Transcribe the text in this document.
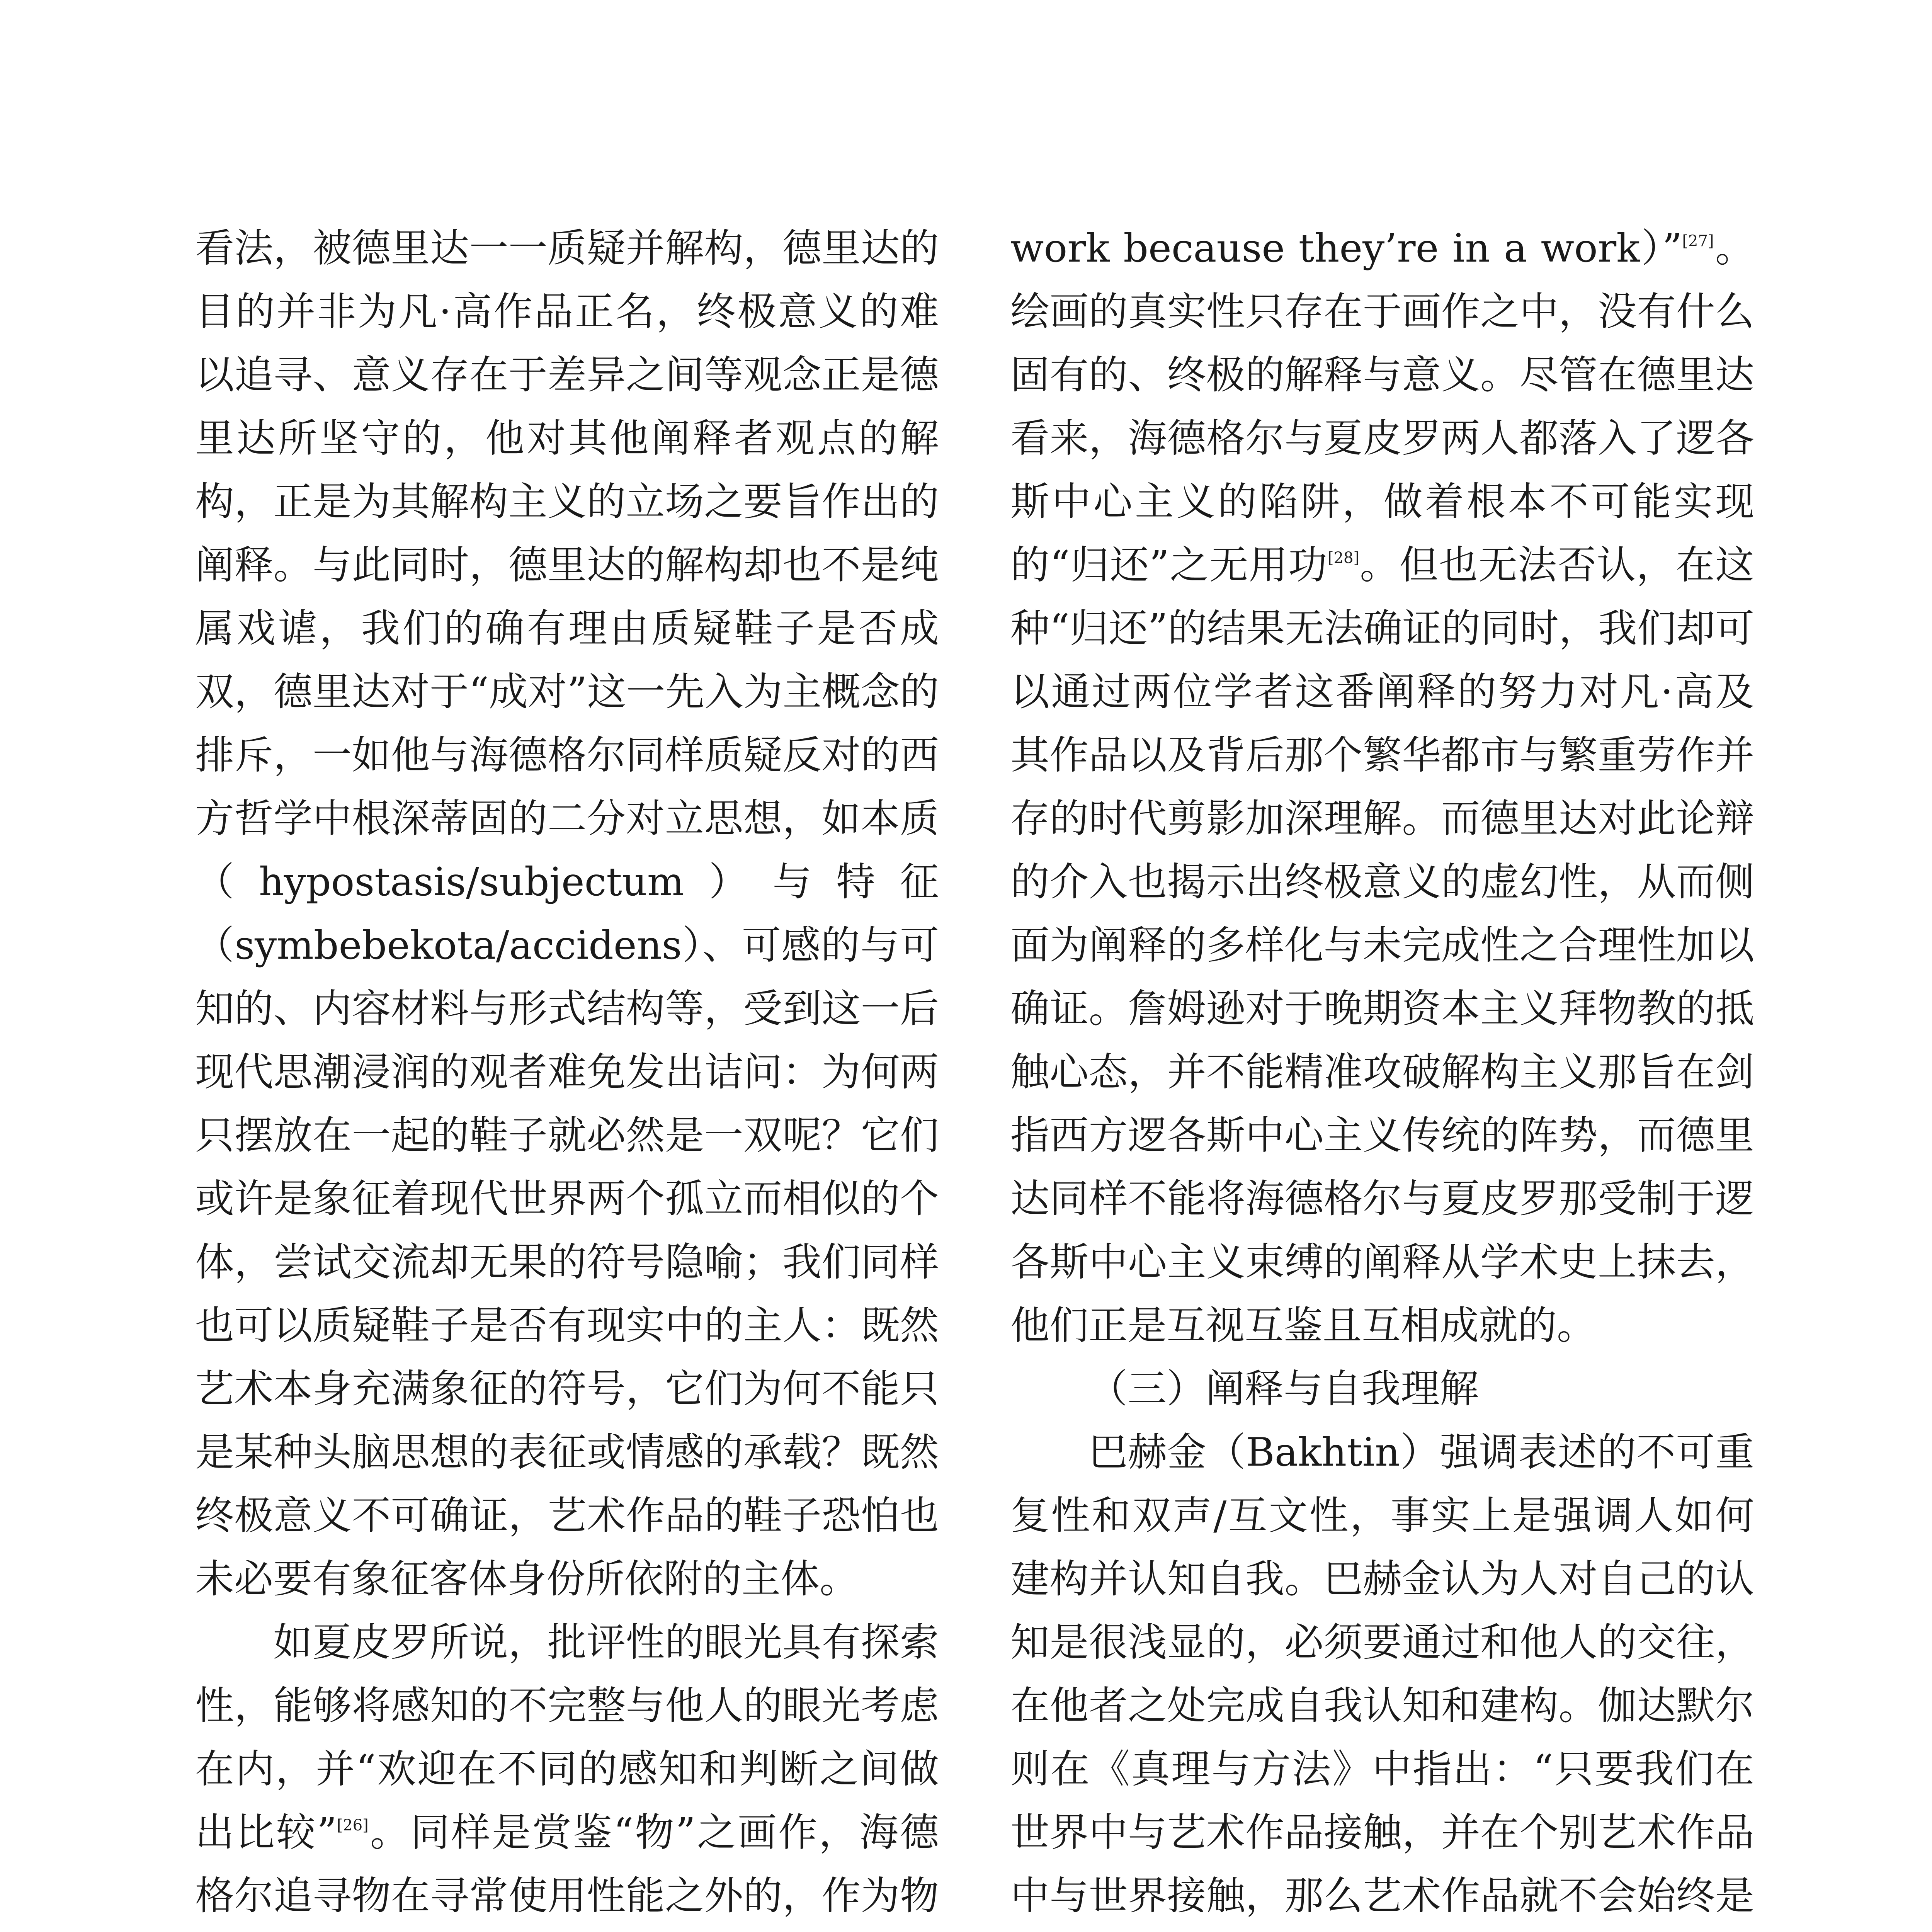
看法，被德里达一一质疑并解构，德里达的目的并非为凡·高作品正名，终极意义的难以追寻、意义存在于差异之间等观念正是德里达所坚守的，他对其他阐释者观点的解构，正是为其解构主义的立场之要旨作出的阐释。与此同时，德里达的解构却也不是纯属戏谑，我们的确有理由质疑鞋子是否成双，德里达对于“成对”这一先入为主概念的排斥，一如他与海德格尔同样质疑反对的西方哲学中根深蒂固的二分对立思想，如本质（hypostasis/subjectum）与特征（symbebekota/accidens）、可感的与可知的、内容材料与形式结构等，受到这一后现代思潮浸润的观者难免发出诘问：为何两只摆放在一起的鞋子就必然是一双呢？它们或许是象征着现代世界两个孤立而相似的个体，尝试交流却无果的符号隐喻；我们同样也可以质疑鞋子是否有现实中的主人：既然艺术本身充满象征的符号，它们为何不能只是某种头脑思想的表征或情感的承载？既然终极意义不可确证，艺术作品的鞋子恐怕也未必要有象征客体身份所依附的主体。

如夏皮罗所说，批评性的眼光具有探索性，能够将感知的不完整与他人的眼光考虑在内，并“欢迎在不同的感知和判断之间做出比较”[26]。同样是赏鉴“物”之画作，海德格尔追寻物在寻常使用性能之外的，作为物

work because they’re in a work）”[27]。绘画的真实性只存在于画作之中，没有什么固有的、终极的解释与意义。尽管在德里达看来，海德格尔与夏皮罗两人都落入了逻各斯中心主义的陷阱，做着根本不可能实现的“归还”之无用功[28]。但也无法否认，在这种“归还”的结果无法确证的同时，我们却可以通过两位学者这番阐释的努力对凡·高及其作品以及背后那个繁华都市与繁重劳作并存的时代剪影加深理解。而德里达对此论辩的介入也揭示出终极意义的虚幻性，从而侧面为阐释的多样化与未完成性之合理性加以确证。詹姆逊对于晚期资本主义拜物教的抵触心态，并不能精准攻破解构主义那旨在剑指西方逻各斯中心主义传统的阵势，而德里达同样不能将海德格尔与夏皮罗那受制于逻各斯中心主义束缚的阐释从学术史上抹去，他们正是互视互鉴且互相成就的。

（三）阐释与自我理解

巴赫金（Bakhtin）强调表述的不可重复性和双声/互文性，事实上是强调人如何建构并认知自我。巴赫金认为人对自己的认知是很浅显的，必须要通过和他人的交往，在他者之处完成自我认知和建构。伽达默尔则在《真理与方法》中指出：“只要我们在世界中与艺术作品接触，并在个别艺术作品中与世界接触，那么艺术作品就不会始终是
